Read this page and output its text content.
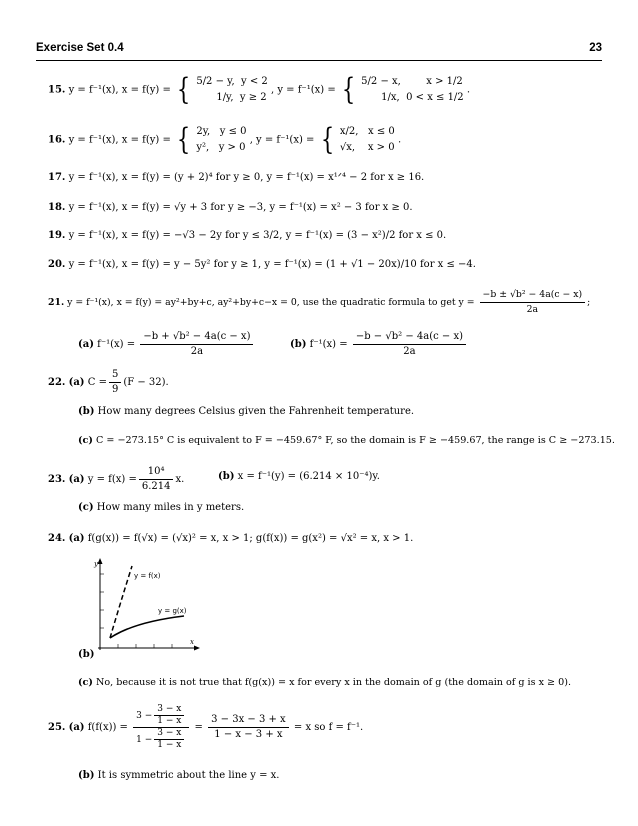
Exercise Set 0.4	23
15. y = f⁻¹(x), x = f(y) = { 5/2 − y, y < 2
1/y, y ≥ 2
, y = f⁻¹(x) = { 5/2 − x,	x > 1/2
1/x, 0 < x ≤ 1/2
.
16. y = f⁻¹(x), x = f(y) = { 2y, y ≤ 0
y², y > 0
, y = f⁻¹(x) = { x/2, x ≤ 0
√x, x > 0
.
17. y = f⁻¹(x), x = f(y) = (y + 2)⁴ for y ≥ 0, y = f⁻¹(x) = x¹ᐟ⁴ − 2 for x ≥ 16.
18. y = f⁻¹(x), x = f(y) = √y + 3 for y ≥ −3, y = f⁻¹(x) = x² − 3 for x ≥ 0.
19. y = f⁻¹(x), x = f(y) = −√3 − 2y for y ≤ 3/2, y = f⁻¹(x) = (3 − x²)/2 for x ≤ 0.
20. y = f⁻¹(x), x = f(y) = y − 5y² for y ≥ 1, y = f⁻¹(x) = (1 + √1 − 20x)/10 for x ≤ −4.
21. y = f⁻¹(x), x = f(y) = ay²+by+c, ay²+by+c−x = 0, use the quadratic formula to get $y = \frac{\text{−b ± √b² − 4a(c − x)}}{2a}$ ;
(a) $f^{-1}(x) = \frac{\text{−b + √b² − 4a(c − x)}}{2a}$	(b) $f^{-1}(x) = \frac{\text{−b − √b² − 4a(c − x)}}{2a}$
22. (a) $C = \frac{5}{9} (F - 32)$.
(b) How many degrees Celsius given the Fahrenheit temperature.
(c) C = −273.15° C is equivalent to F = −459.67° F, so the domain is F ≥ −459.67, the range is C ≥ −273.15.
23. (a) $y = f(x) = \frac{\text{10⁴}}{6.214} x$.	(b) x = f⁻¹(y) = (6.214 × 10⁻⁴)y.
(c) How many miles in y meters.
24. (a) f(g(x)) = f(√x) = (√x)² = x, x > 1; g(f(x)) = g(x²) = √x² = x, x > 1.
y
x
y = f(x)
y = g(x)
(b)
(c) No, because it is not true that f(g(x)) = x for every x in the domain of g (the domain of g is x ≥ 0).
25. (a) $f(f(x)) = \frac{3 - \frac{3 - x}{1 - x}}{1 - \frac{3 - x}{1 - x}} = \frac{3 - 3x - 3 + x}{1 - x - 3 + x} = x$ so f = f⁻¹.
(b) It is symmetric about the line y = x.
